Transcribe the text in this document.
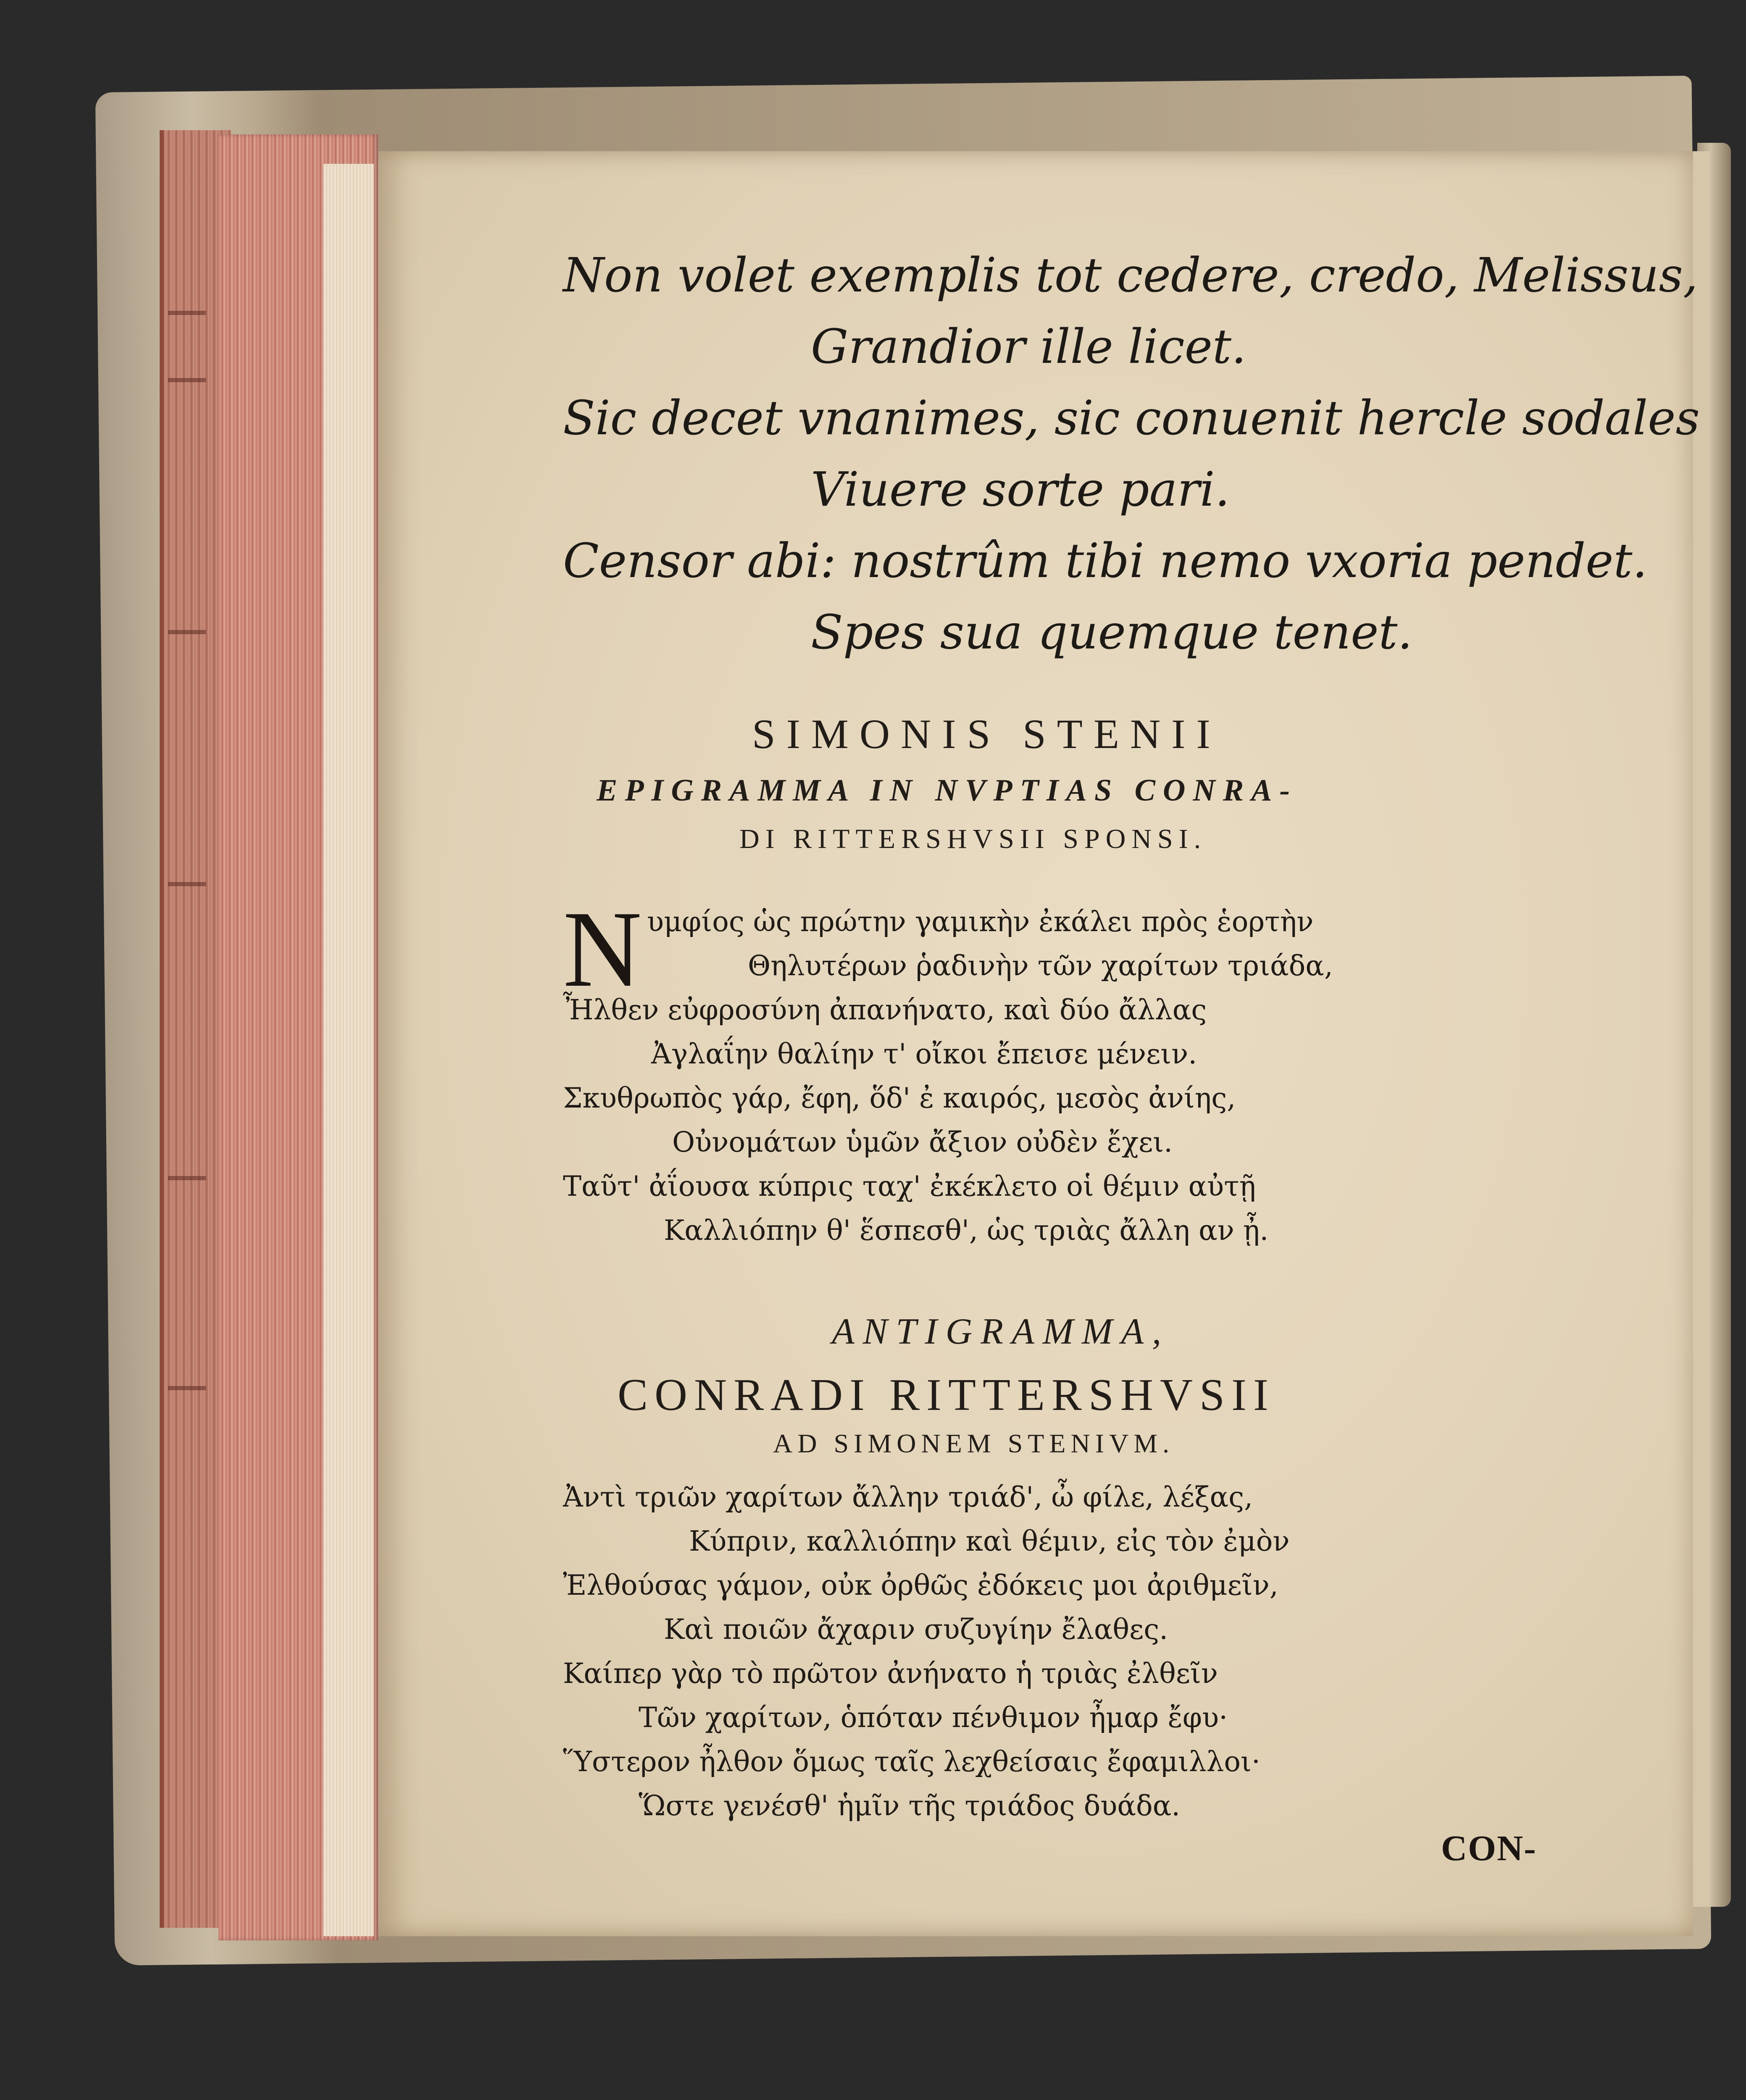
Non volet exemplis tot cedere, credo, Melissus,

Grandior ille licet.

Sic decet vnanimes, sic conuenit hercle sodales

Viuere sorte pari.

Censor abi: nostrûm tibi nemo vxoria pendet.

Spes sua quemque tenet.

SIMONIS STENII

EPIGRAMMA IN NVPTIAS CONRA-

DI RITTERSHVSII SPONSI.

N υμφίος ὡς πρώτην γαμικὴν ἐκάλει πρὸς ἑορτὴν

Θηλυτέρων ῥαδινὴν τῶν χαρίτων τριάδα,

Ἦλθεν εὐφροσύνη ἀπανήνατο, καὶ δύο ἄλλας

Ἀγλαΐην θαλίην τ' οἴκοι ἔπεισε μένειν.

Σκυθρωπὸς γάρ, ἔφη, ὅδ' ἐ καιρός, μεσὸς ἀνίης,

Οὐνομάτων ὑμῶν ἄξιον οὐδὲν ἔχει.

Ταῦτ' ἀΐουσα κύπρις ταχ' ἐκέκλετο οἱ θέμιν αὐτῇ

Καλλιόπην θ' ἕσπεσθ', ὡς τριὰς ἄλλη αν ᾖ.

ANTIGRAMMA,

CONRADI RITTERSHVSII

AD SIMONEM STENIVM.

Ἀντὶ τριῶν χαρίτων ἄλλην τριάδ', ὦ φίλε, λέξας,

Κύπριν, καλλιόπην καὶ θέμιν, εἰς τὸν ἐμὸν

Ἐλθούσας γάμον, οὐκ ὀρθῶς ἐδόκεις μοι ἀριθμεῖν,

Καὶ ποιῶν ἄχαριν συζυγίην ἔλαθες.

Καίπερ γὰρ τὸ πρῶτον ἀνήνατο ἡ τριὰς ἐλθεῖν

Τῶν χαρίτων, ὁπόταν πένθιμον ἦμαρ ἔφυ·

Ὕστερον ἦλθον ὅμως ταῖς λεχθείσαις ἔφαμιλλοι·

Ὥστε γενέσθ' ἡμῖν τῆς τριάδος δυάδα.

CON-
